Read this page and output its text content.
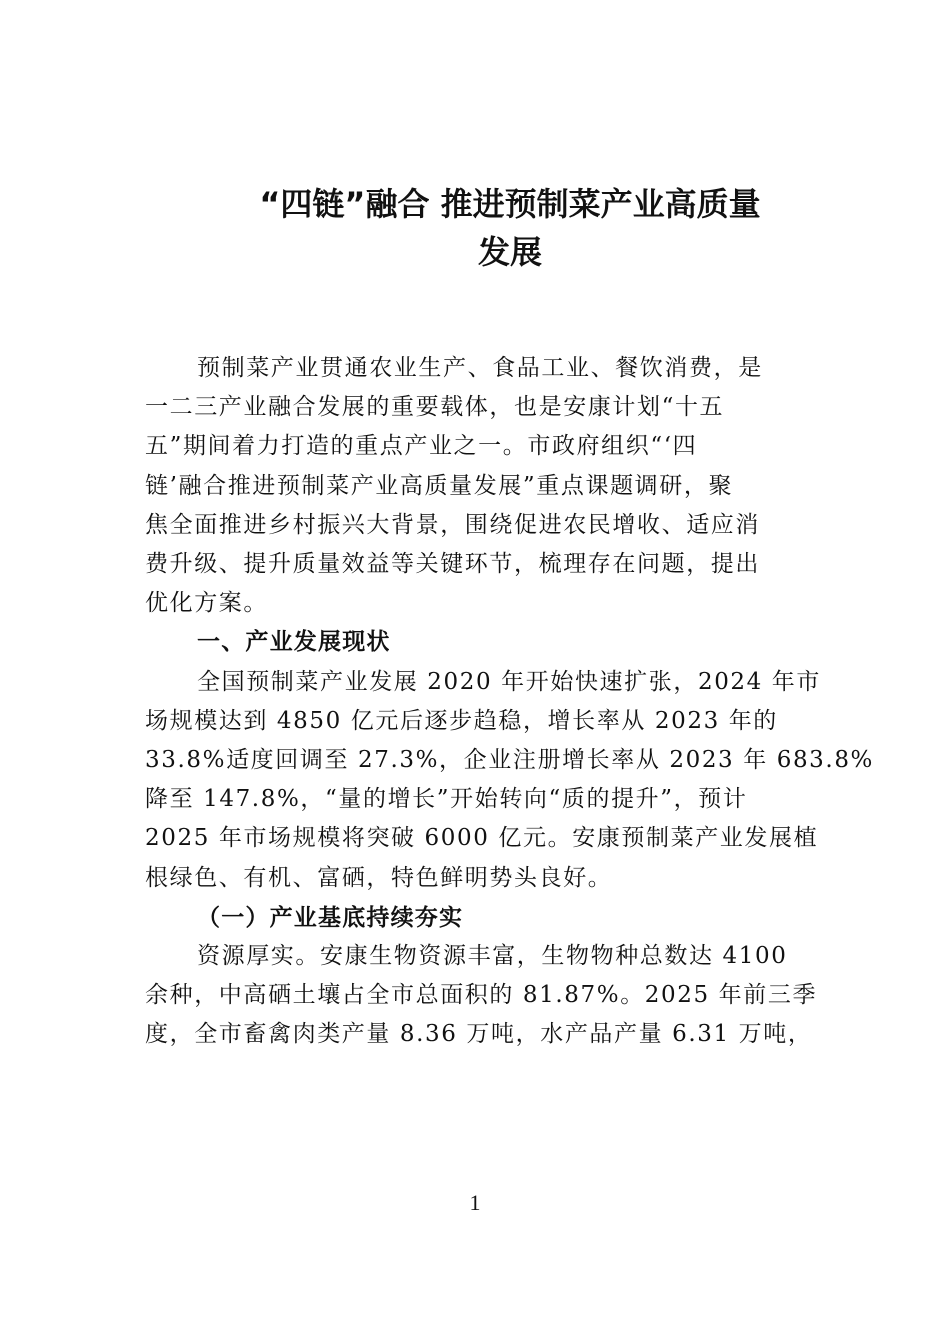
“四链”融合 推进预制菜产业高质量
发展

预制菜产业贯通农业生产、食品工业、餐饮消费，是
一二三产业融合发展的重要载体，也是安康计划“十五
五”期间着力打造的重点产业之一。市政府组织“‘四
链’融合推进预制菜产业高质量发展”重点课题调研，聚
焦全面推进乡村振兴大背景，围绕促进农民增收、适应消
费升级、提升质量效益等关键环节，梳理存在问题，提出
优化方案。

一、产业发展现状

全国预制菜产业发展 2020 年开始快速扩张，2024 年市
场规模达到 4850 亿元后逐步趋稳，增长率从 2023 年的
33.8%适度回调至 27.3%，企业注册增长率从 2023 年 683.8%
降至 147.8%，“量的增长”开始转向“质的提升”，预计
2025 年市场规模将突破 6000 亿元。安康预制菜产业发展植
根绿色、有机、富硒，特色鲜明势头良好。

（一）产业基底持续夯实

资源厚实。安康生物资源丰富，生物物种总数达 4100
余种，中高硒土壤占全市总面积的 81.87%。2025 年前三季
度，全市畜禽肉类产量 8.36 万吨，水产品产量 6.31 万吨，

1
